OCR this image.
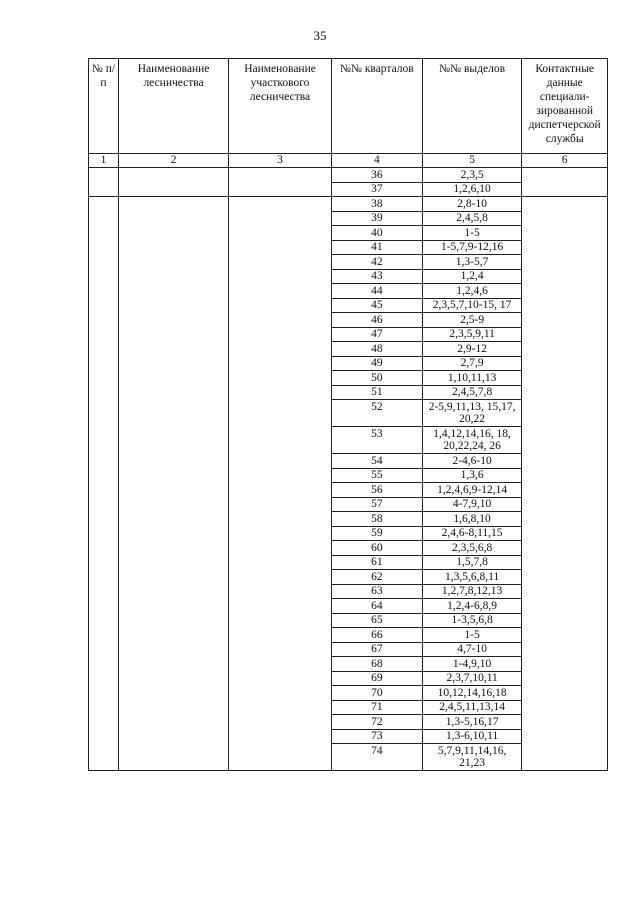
35
№ п/п	Наименование лесничества	Наименование участкового лесничества	№№ кварталов	№№ выделов	Контактные данные специали-зированной диспетчерской службы
1	2	3	4	5	6
			36	2,3,5	
			37	1,2,6,10	
			38	2,8-10	
			39	2,4,5,8	
			40	1-5	
			41	1-5,7,9-12,16	
			42	1,3-5,7	
			43	1,2,4	
			44	1,2,4,6	
			45	2,3,5,7,10-15, 17	
			46	2,5-9	
			47	2,3,5,9,11	
			48	2,9-12	
			49	2,7,9	
			50	1,10,11,13	
			51	2,4,5,7,8	
			52	2-5,9,11,13, 15,17, 20,22	
			53	1,4,12,14,16, 18, 20,22,24, 26	
			54	2-4,6-10	
			55	1,3,6	
			56	1,2,4,6,9-12,14	
			57	4-7,9,10	
			58	1,6,8,10	
			59	2,4,6-8,11,15	
			60	2,3,5,6,8	
			61	1,5,7,8	
			62	1,3,5,6,8,11	
			63	1,2,7,8,12,13	
			64	1,2,4-6,8,9	
			65	1-3,5,6,8	
			66	1-5	
			67	4,7-10	
			68	1-4,9,10	
			69	2,3,7,10,11	
			70	10,12,14,16,18	
			71	2,4,5,11,13,14	
			72	1,3-5,16,17	
			73	1,3-6,10,11	
			74	5,7,9,11,14,16, 21,23	
